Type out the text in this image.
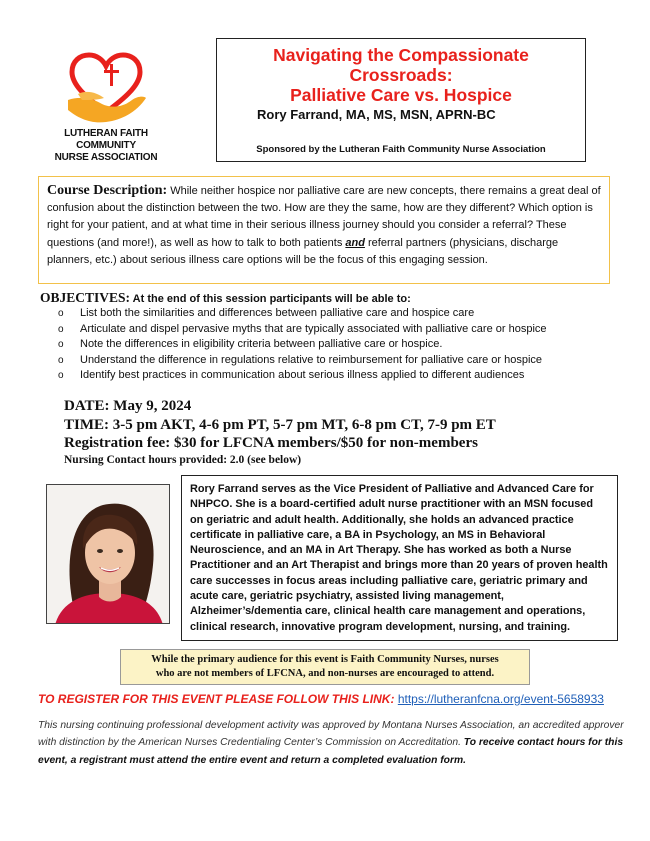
LUTHERAN FAITH COMMUNITY
NURSE ASSOCIATION
Navigating the Compassionate
Crossroads:
Palliative Care vs. Hospice
Rory Farrand, MA, MS, MSN, APRN-BC
Sponsored by the Lutheran Faith Community Nurse Association
Course Description: While neither hospice nor palliative care are new concepts, there remains a great deal of confusion about the distinction between the two. How are they the same, how are they different? Which option is right for your patient, and at what time in their serious illness journey should you consider a referral? These questions (and more!), as well as how to talk to both patients and referral partners (physicians, discharge planners, etc.) about serious illness care options will be the focus of this engaging session.
OBJECTIVES: At the end of this session participants will be able to:
o List both the similarities and differences between palliative care and hospice care
o Articulate and dispel pervasive myths that are typically associated with palliative care or hospice
o Note the differences in eligibility criteria between palliative care or hospice.
o Understand the difference in regulations relative to reimbursement for palliative care or hospice
o Identify best practices in communication about serious illness applied to different audiences
DATE: May 9, 2024
TIME: 3-5 pm AKT, 4-6 pm PT, 5-7 pm MT, 6-8 pm CT, 7-9 pm ET
Registration fee: $30 for LFCNA members/$50 for non-members
Nursing Contact hours provided: 2.0 (see below)
Rory Farrand serves as the Vice President of Palliative and Advanced Care for NHPCO. She is a board-certified adult nurse practitioner with an MSN focused on geriatric and adult health. Additionally, she holds an advanced practice certificate in palliative care, a BA in Psychology, an MS in Behavioral Neuroscience, and an MA in Art Therapy. She has worked as both a Nurse Practitioner and an Art Therapist and brings more than 20 years of proven health care successes in focus areas including palliative care, geriatric primary and acute care, geriatric psychiatry, assisted living management, Alzheimer’s/dementia care, clinical health care management and operations, clinical research, innovative program development, nursing, and training.
While the primary audience for this event is Faith Community Nurses, nurses
who are not members of LFCNA, and non-nurses are encouraged to attend.
TO REGISTER FOR THIS EVENT PLEASE FOLLOW THIS LINK: https://lutheranfcna.org/event-5658933
This nursing continuing professional development activity was approved by Montana Nurses Association, an accredited approver with distinction by the American Nurses Credentialing Center’s Commission on Accreditation. To receive contact hours for this event, a registrant must attend the entire event and return a completed evaluation form.
